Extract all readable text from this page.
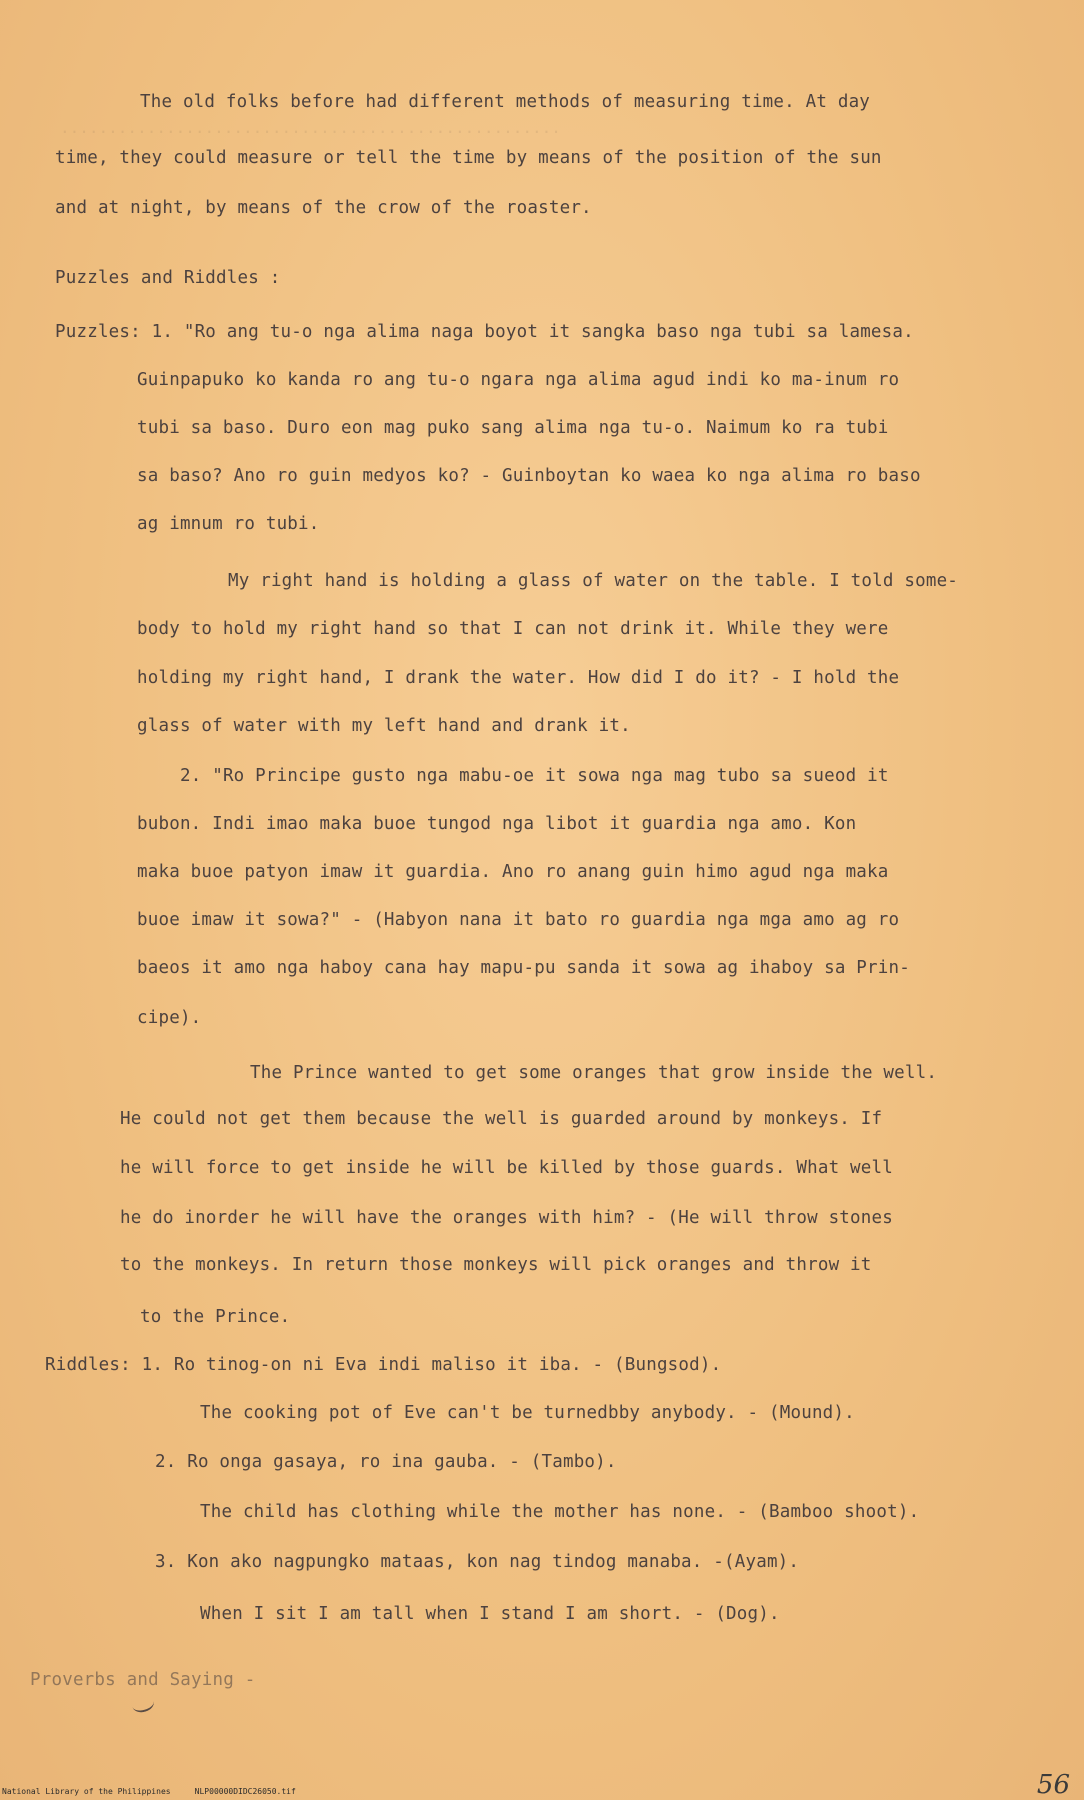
....................................................
The old folks before had different methods of measuring time. At day
time, they could measure or tell the time by means of the position of the sun
and at night, by means of the crow of the roaster.
Puzzles and Riddles :
Puzzles: 1. "Ro ang tu-o nga alima naga boyot it sangka baso nga tubi sa lamesa.
Guinpapuko ko kanda ro ang tu-o ngara nga alima agud indi ko ma-inum ro
tubi sa baso. Duro eon mag puko sang alima nga tu-o. Naimum ko ra tubi
sa baso? Ano ro guin medyos ko? - Guinboytan ko waea ko nga alima ro baso
ag imnum ro tubi.
My right hand is holding a glass of water on the table. I told some-
body to hold my right hand so that I can not drink it. While they were
holding my right hand, I drank the water. How did I do it? - I hold the
glass of water with my left hand and drank it.
2. "Ro Principe gusto nga mabu-oe it sowa nga mag tubo sa sueod it
bubon. Indi imao maka buoe tungod nga libot it guardia nga amo. Kon
maka buoe patyon imaw it guardia. Ano ro anang guin himo agud nga maka
buoe imaw it sowa?" - (Habyon nana it bato ro guardia nga mga amo ag ro
baeos it amo nga haboy cana hay mapu-pu sanda it sowa ag ihaboy sa Prin-
cipe).
The Prince wanted to get some oranges that grow inside the well.
He could not get them because the well is guarded around by monkeys. If
he will force to get inside he will be killed by those guards. What well
he do inorder he will have the oranges with him? - (He will throw stones
to the monkeys. In return those monkeys will pick oranges and throw it
to the Prince.
Riddles: 1. Ro tinog-on ni Eva indi maliso it iba. - (Bungsod).
The cooking pot of Eve can't be turnedbby anybody. - (Mound).
2. Ro onga gasaya, ro ina gauba. - (Tambo).
The child has clothing while the mother has none. - (Bamboo shoot).
3. Kon ako nagpungko mataas, kon nag tindog manaba. -(Ayam).
When I sit I am tall when I stand I am short. - (Dog).
Proverbs and Saying -
National Library of the Philippines	NLP00000DIDC26050.tif	56
